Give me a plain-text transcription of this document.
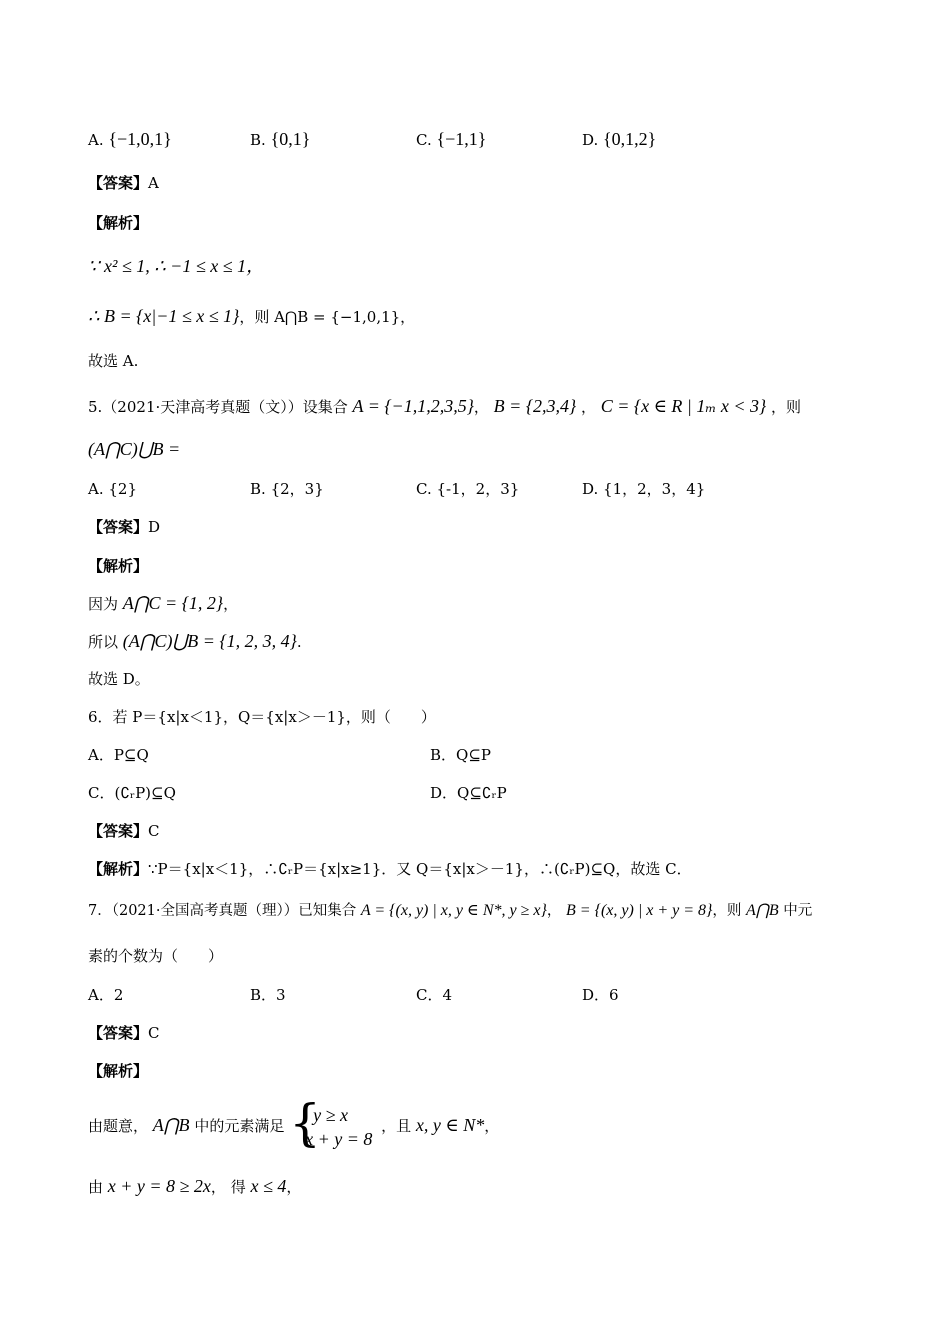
A. {−1,0,1}	B. {0,1}	C. {−1,1}	D. {0,1,2}
【答案】A
【解析】
∵ x² ≤ 1, ∴ −1 ≤ x ≤ 1，
∴ B = {x|−1 ≤ x ≤ 1}，则 A⋂B = {−1,0,1}，
故选 A.
5.（2021·天津高考真题（文））设集合 A = {−1,1,2,3,5}， B = {2,3,4} ， C = {x ∈ R | 1ₘ x < 3} ，则
(A⋂C)⋃B =
A. {2}	B. {2，3}	C. {-1，2，3}	D. {1，2，3，4}
【答案】D
【解析】
因为 A⋂C = {1, 2}，
所以 (A⋂C)⋃B = {1, 2, 3, 4}.
故选 D。
6．若 P＝{x|x＜1}，Q＝{x|x＞－1}，则（　　）
A．P⊆Q	B．Q⊆P
C．(∁ᵣP)⊆Q	D．Q⊆∁ᵣP
【答案】C
【解析】∵P＝{x|x＜1}，∴∁ᵣP＝{x|x≥1}．又 Q＝{x|x＞－1}，∴(∁ᵣP)⊆Q，故选 C．
7．（2021·全国高考真题（理））已知集合 A = {(x, y) | x, y ∈ N*, y ≥ x}， B = {(x, y) | x + y = 8}，则 A⋂B 中元
素的个数为（　　）
A．2	B．3	C．4	D．6
【答案】C
【解析】
由题意， A⋂B 中的元素满足 {
y ≥ x
x + y = 8
，且 x, y ∈ N*，
由 x + y = 8 ≥ 2x， 得 x ≤ 4，
